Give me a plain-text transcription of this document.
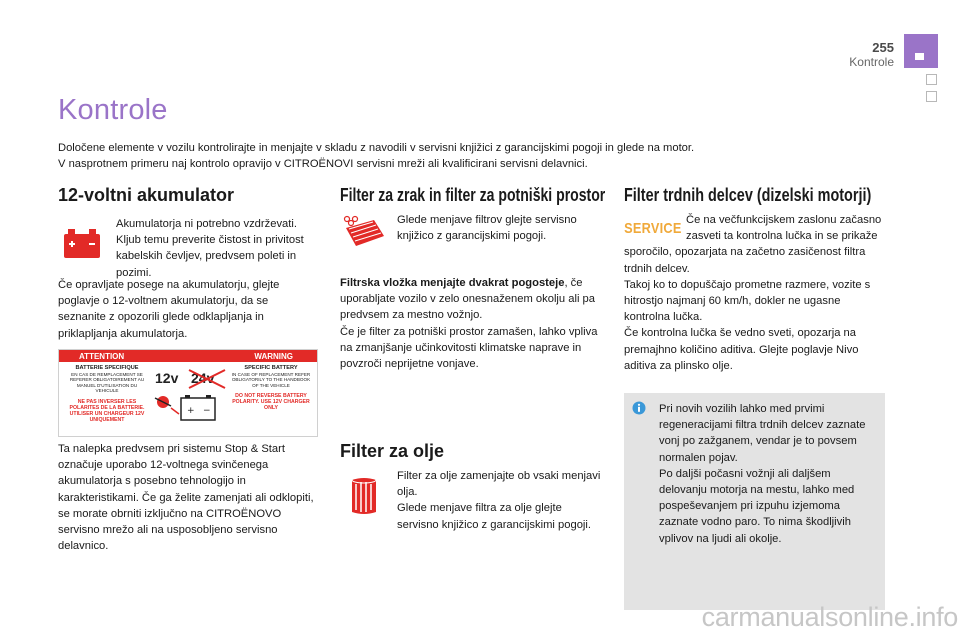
255
Kontrole
Kontrole

Določene elemente v vozilu kontrolirajte in menjajte v skladu z navodili v servisni knjižici z garancijskimi pogoji in glede na motor.

V nasprotnem primeru naj kontrolo opravijo v CITROËNOVI servisni mreži ali kvalificirani servisni delavnici.

12-voltni akumulator
Akumulatorja ni potrebno vzdrževati. Kljub temu preverite čistost in privitost kabelskih čevljev, predvsem poleti in pozimi.
Če opravljate posege na akumulatorju, glejte poglavje o 12-voltnem akumulatorju, da se seznanite z opozorili glede odklapljanja in priklapljanja akumulatorja.
ATTENTION	WARNING
BATTERIE SPECIFIQUE
EN CAS DE REMPLACEMENT SE REFERER OBLIGATOIREMENT AU MANUEL D'UTILISATION DU VEHICULE
NE PAS INVERSER LES POLARITES DE LA BATTERIE. UTILISER UN CHARGEUR 12V UNIQUEMENT
12v 24v
+ −
SPECIFIC BATTERY
IN CASE OF REPLACEMENT REFER OBLIGATORILY TO THE HANDBOOK OF THE VEHICLE
DO NOT REVERSE BATTERY POLARITY. USE 12V CHARGER ONLY
Ta nalepka predvsem pri sistemu Stop & Start označuje uporabo 12-voltnega svinčenega akumulatorja s posebno tehnologijo in karakteristikami. Če ga želite zamenjati ali odklopiti, se morate obrniti izključno na CITROËNOVO servisno mrežo ali na usposobljeno servisno delavnico.
Filter za zrak in filter za potniški prostor
Glede menjave filtrov glejte servisno knjižico z garancijskimi pogoji.

Filtrska vložka menjajte dvakrat pogosteje, če uporabljate vozilo v zelo onesnaženem okolju ali pa predvsem za mestno vožnjo.

Če je filter za potniški prostor zamašen, lahko vpliva na zmanjšanje učinkovitosti klimatske naprave in povzroči neprijetne vonjave.

Filter za olje

Filter za olje zamenjajte ob vsaki menjavi olja.

Glede menjave filtra za olje glejte servisno knjižico z garancijskimi pogoji.

Filter trdnih delcev (dizelski motorji)
SERVICE Če na večfunkcijskem zaslonu začasno zasveti ta kontrolna lučka in se prikaže sporočilo, opozarjata na začetno zasičenost filtra trdnih delcev.

Takoj ko to dopuščajo prometne razmere, vozite s hitrostjo najmanj 60 km/h, dokler ne ugasne kontrolna lučka.

Če kontrolna lučka še vedno sveti, opozarja na premajhno količino aditiva. Glejte poglavje Nivo aditiva za plinsko olje.

Pri novih vozilih lahko med prvimi regeneracijami filtra trdnih delcev zaznate vonj po zažganem, vendar je to povsem normalen pojav.

Po daljši počasni vožnji ali daljšem delovanju motorja na mestu, lahko med pospeševanjem pri izpuhu izjemoma zaznate vodno paro. To nima škodljivih vplivov na ljudi ali okolje.

carmanualsonline.info
